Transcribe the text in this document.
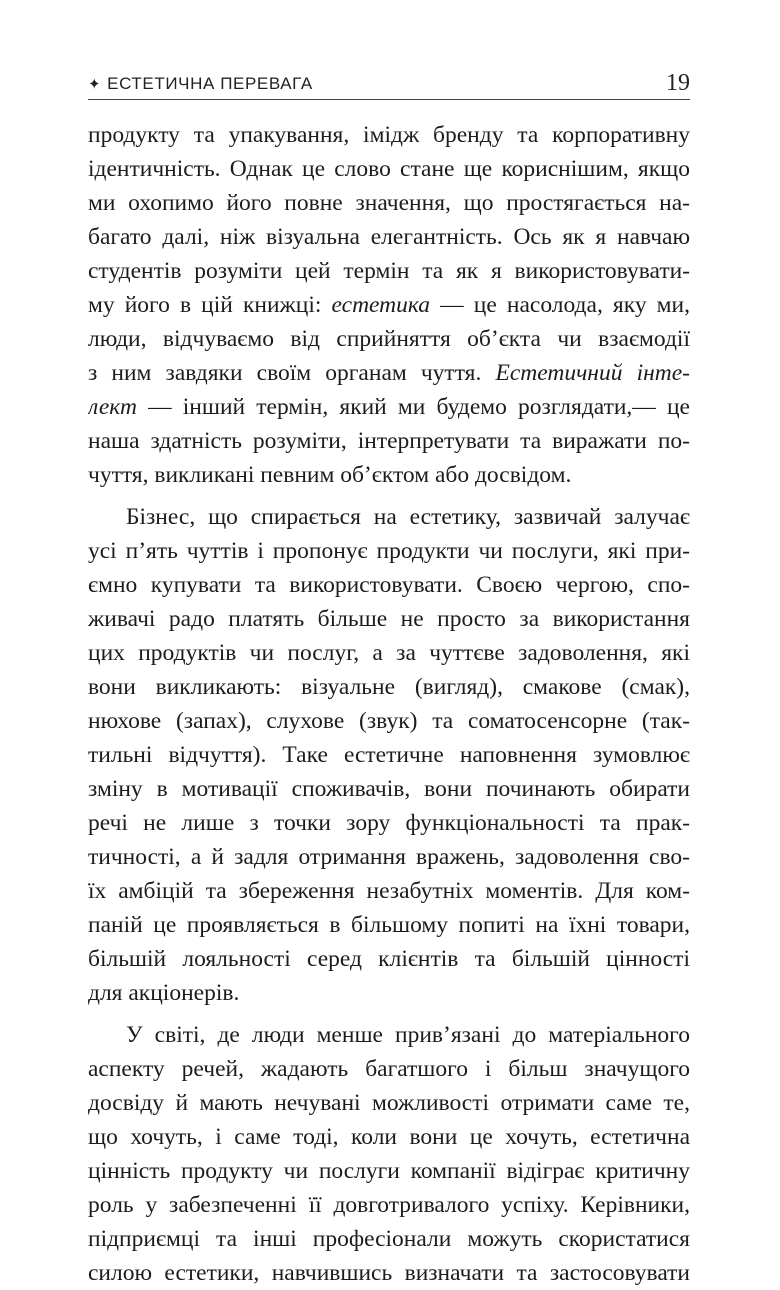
✦ ЕСТЕТИЧНА ПЕРЕВАГА	19
продукту та упакування, імідж бренду та корпоративну
ідентичність. Однак це слово стане ще кориснішим, якщо
ми охопимо його повне значення, що простягається на-
багато далі, ніж візуальна елегантність. Ось як я навчаю
студентів розуміти цей термін та як я використовувати-
му його в цій книжці: естетика — це насолода, яку ми,
люди, відчуваємо від сприйняття об’єкта чи взаємодії
з ним завдяки своїм органам чуття. Естетичний інте-
лект — інший термін, який ми будемо розглядати,— це
наша здатність розуміти, інтерпретувати та виражати по-
чуття, викликані певним об’єктом або досвідом.
Бізнес, що спирається на естетику, зазвичай залучає
усі п’ять чуттів і пропонує продукти чи послуги, які при-
ємно купувати та використовувати. Своєю чергою, спо-
живачі радо платять більше не просто за використання
цих продуктів чи послуг, а за чуттєве задоволення, які
вони викликають: візуальне (вигляд), смакове (смак),
нюхове (запах), слухове (звук) та соматосенсорне (так-
тильні відчуття). Таке естетичне наповнення зумовлює
зміну в мотивації споживачів, вони починають обирати
речі не лише з точки зору функціональності та прак-
тичності, а й задля отримання вражень, задоволення сво-
їх амбіцій та збереження незабутніх моментів. Для ком-
паній це проявляється в більшому попиті на їхні товари,
більшій лояльності серед клієнтів та більшій цінності
для акціонерів.
У світі, де люди менше прив’язані до матеріального
аспекту речей, жадають багатшого і більш значущого
досвіду й мають нечувані можливості отримати саме те,
що хочуть, і саме тоді, коли вони це хочуть, естетична
цінність продукту чи послуги компанії відіграє критичну
роль у забезпеченні її довготривалого успіху. Керівники,
підприємці та інші професіонали можуть скористатися
силою естетики, навчившись визначати та застосовувати
